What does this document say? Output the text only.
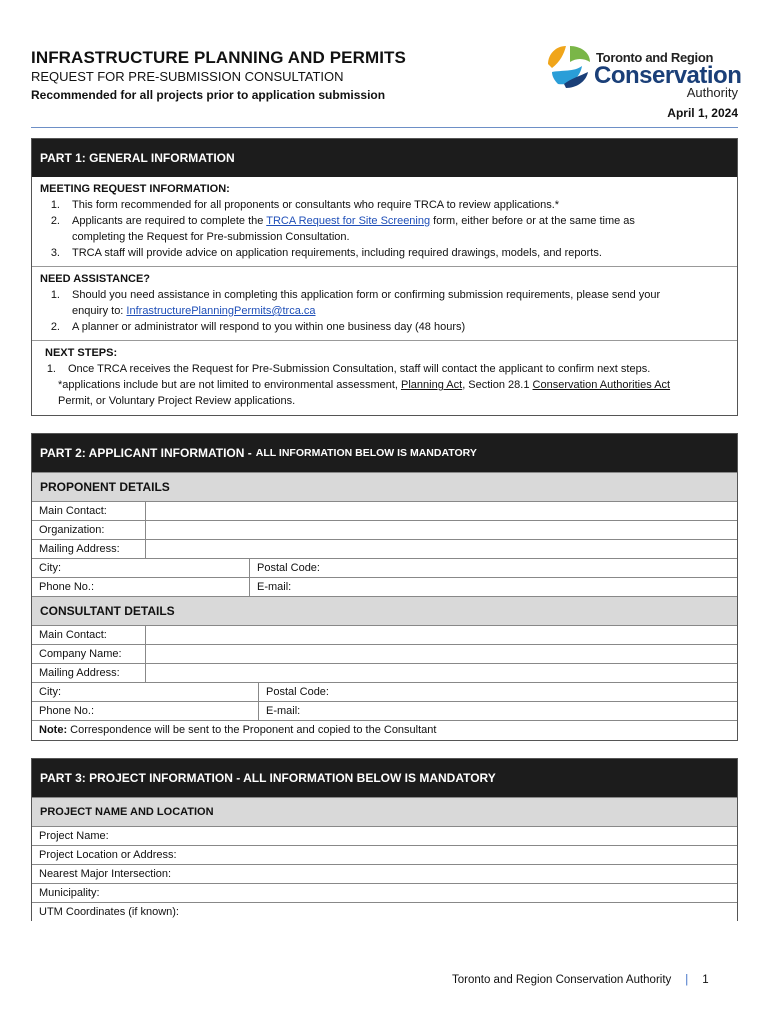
INFRASTRUCTURE PLANNING AND PERMITS
REQUEST FOR PRE-SUBMISSION CONSULTATION
Recommended for all projects prior to application submission
Toronto and Region
Conservation
Authority
April 1, 2024
PART 1: GENERAL INFORMATION
MEETING REQUEST INFORMATION:
1.	This form recommended for all proponents or consultants who require TRCA to review applications.*
2.	Applicants are required to complete the TRCA Request for Site Screening form, either before or at the same time as
completing the Request for Pre-submission Consultation.
3.	TRCA staff will provide advice on application requirements, including required drawings, models, and reports.
NEED ASSISTANCE?
1.	Should you need assistance in completing this application form or confirming submission requirements, please send your
enquiry to: InfrastructurePlanningPermits@trca.ca
2.	A planner or administrator will respond to you within one business day (48 hours)
NEXT STEPS:
1.	Once TRCA receives the Request for Pre-Submission Consultation, staff will contact the applicant to confirm next steps.
*applications include but are not limited to environmental assessment, Planning Act, Section 28.1 Conservation Authorities Act
Permit, or Voluntary Project Review applications.
PART 2: APPLICANT INFORMATION - ALL INFORMATION BELOW IS MANDATORY
PROPONENT DETAILS
Main Contact:
Organization:
Mailing Address:
City:	Postal Code:
Phone No.:	E-mail:
CONSULTANT DETAILS
Main Contact:
Company Name:
Mailing Address:
City:	Postal Code:
Phone No.:	E-mail:
Note: Correspondence will be sent to the Proponent and copied to the Consultant
PART 3: PROJECT INFORMATION - ALL INFORMATION BELOW IS MANDATORY
PROJECT NAME AND LOCATION
Project Name:
Project Location or Address:
Nearest Major Intersection:
Municipality:
UTM Coordinates (if known):
Toronto and Region Conservation Authority | 1
